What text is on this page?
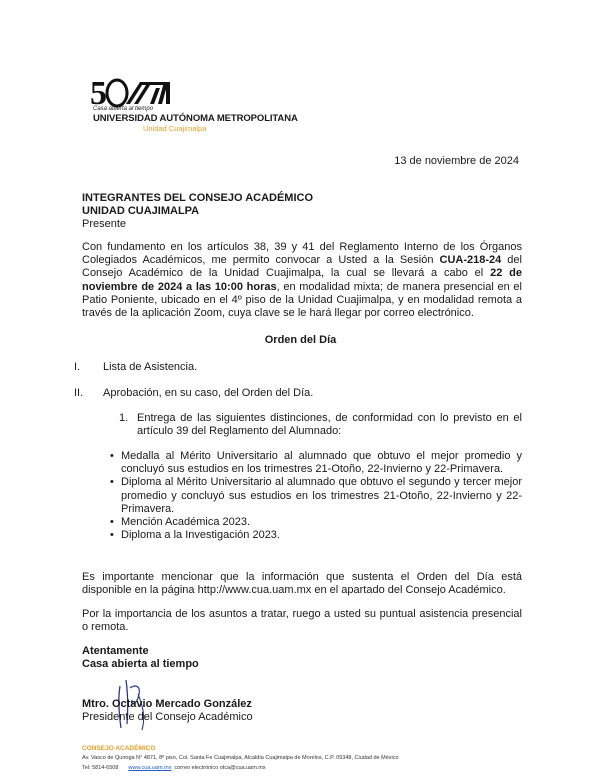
5
Casa abierta al tiempo
UNIVERSIDAD AUTÓNOMA METROPOLITANA
Unidad Cuajimalpa
13 de noviembre de 2024
INTEGRANTES DEL CONSEJO ACADÉMICO
UNIDAD CUAJIMALPA
Presente
Con fundamento en los artículos 38, 39 y 41 del Reglamento Interno de los Órganos Colegiados Académicos, me permito convocar a Usted a la Sesión CUA-218-24 del Consejo Académico de la Unidad Cuajimalpa, la cual se llevará a cabo el 22 de noviembre de 2024 a las 10:00 horas, en modalidad mixta; de manera presencial en el Patio Poniente, ubicado en el 4º piso de la Unidad Cuajimalpa, y en modalidad remota a través de la aplicación Zoom, cuya clave se le hará llegar por correo electrónico.
Orden del Día
I. Lista de Asistencia.
II. Aprobación, en su caso, del Orden del Día.
1. Entrega de las siguientes distinciones, de conformidad con lo previsto en el artículo 39 del Reglamento del Alumnado:
• Medalla al Mérito Universitario al alumnado que obtuvo el mejor promedio y concluyó sus estudios en los trimestres 21-Otoño, 22-Invierno y 22-Primavera.
• Diploma al Mérito Universitario al alumnado que obtuvo el segundo y tercer mejor promedio y concluyó sus estudios en los trimestres 21-Otoño, 22-Invierno y 22-Primavera.
• Mención Académica 2023.
• Diploma a la Investigación 2023.
Es importante mencionar que la información que sustenta el Orden del Día está disponible en la página http://www.cua.uam.mx en el apartado del Consejo Académico.
Por la importancia de los asuntos a tratar, ruego a usted su puntual asistencia presencial o remota.
Atentamente
Casa abierta al tiempo
Mtro. Octavio Mercado González
Presidente del Consejo Académico
CONSEJO ACADÉMICO
Av. Vasco de Quiroga N° 4871, 8º piso, Col. Santa Fe Cuajimalpa, Alcaldía Cuajimalpa de Morelos, C.P. 05348, Ciudad de México
Tel: 5814-6508 www.cua.uam.mx correo electrónico otca@cua.uam.mx
